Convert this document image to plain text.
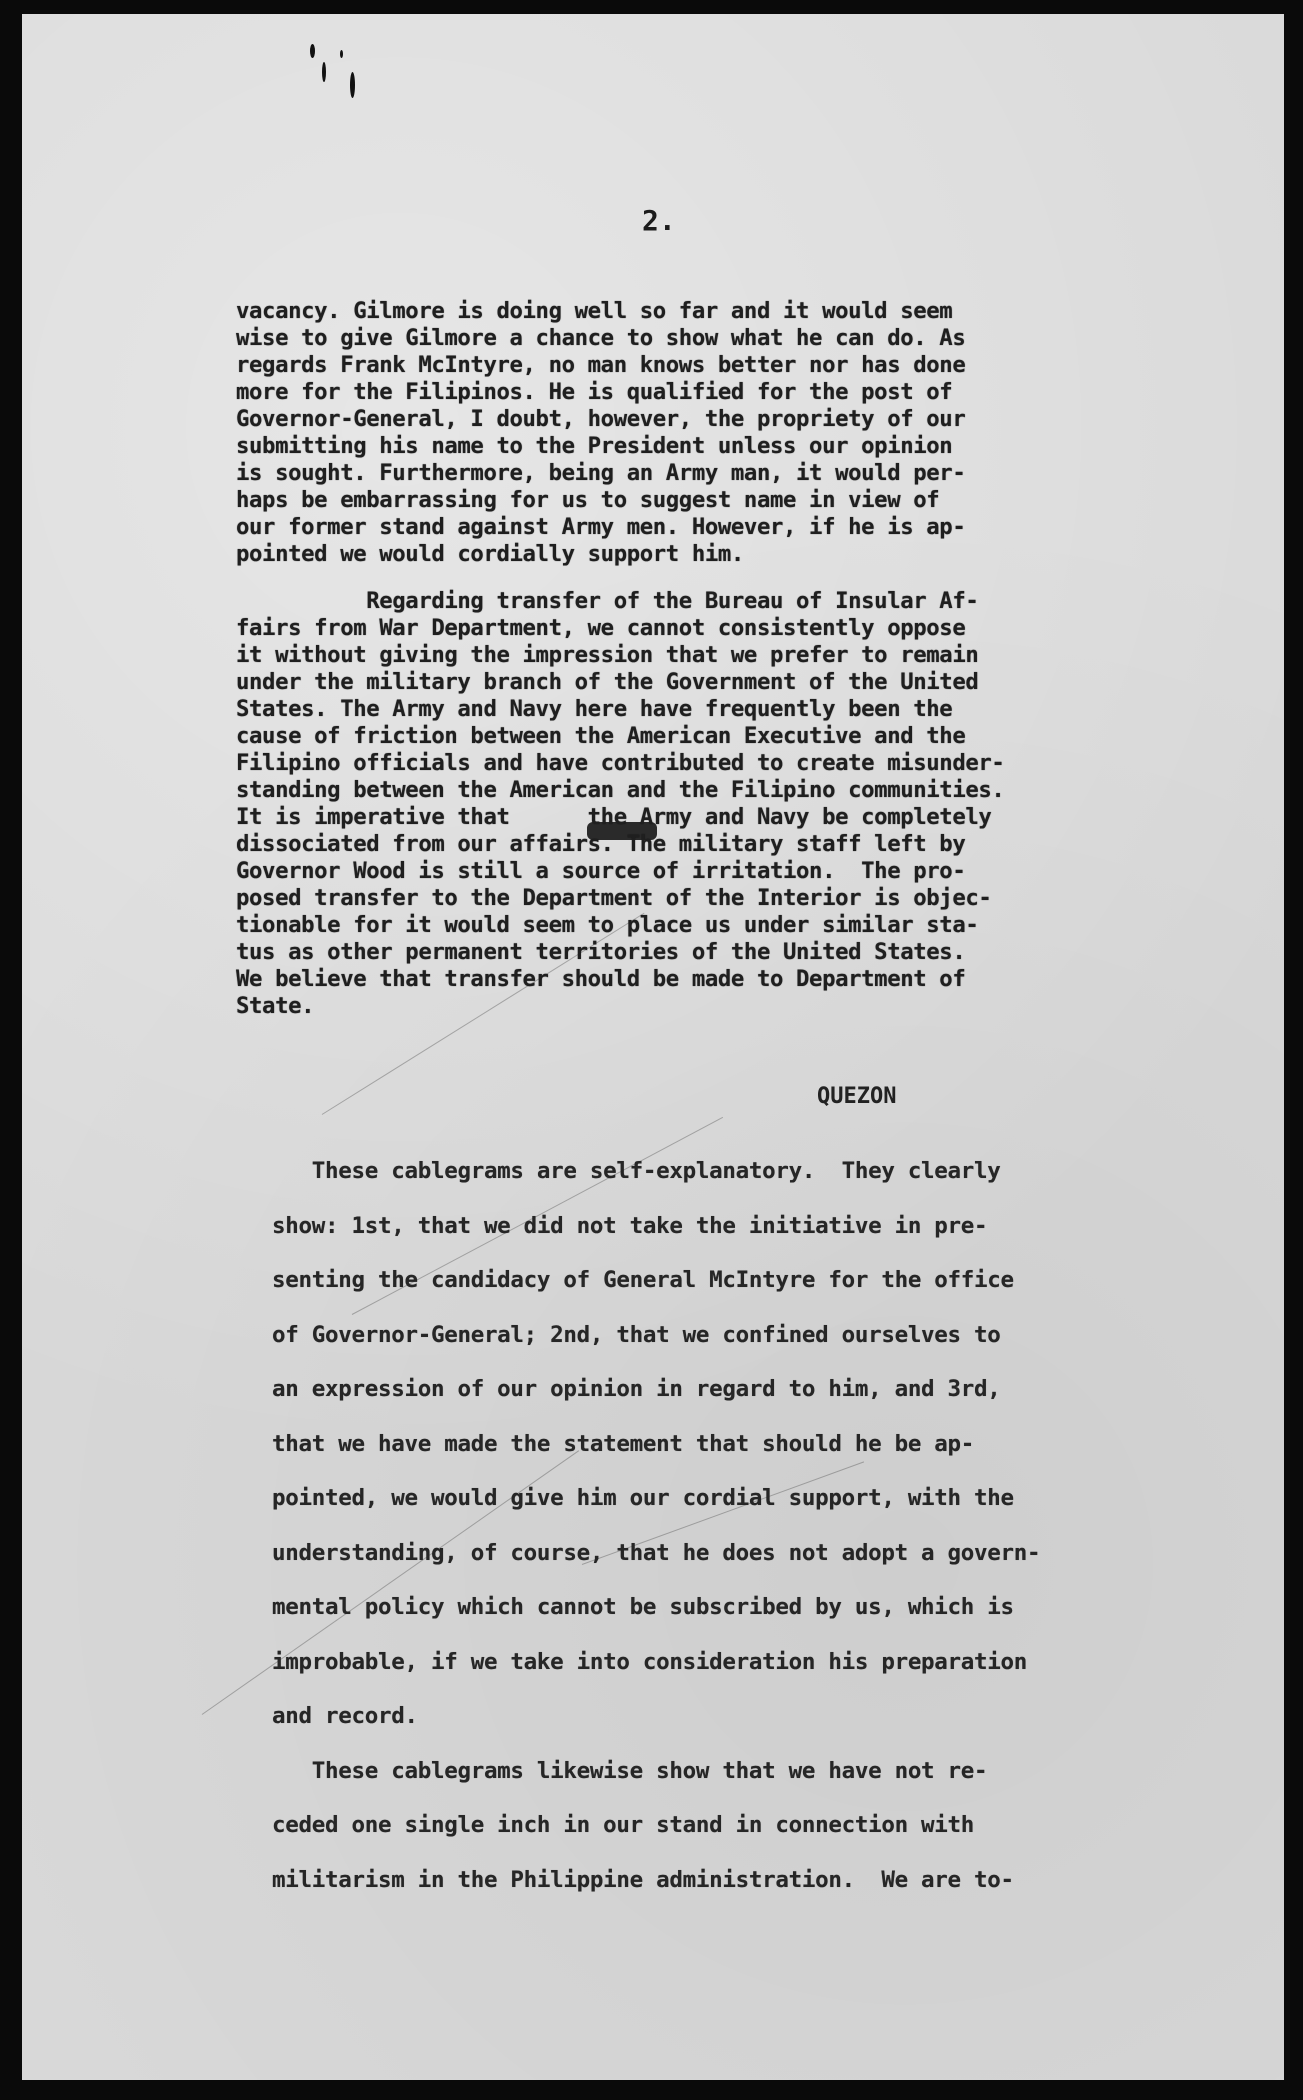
2.

vacancy. Gilmore is doing well so far and it would seem

wise to give Gilmore a chance to show what he can do. As

regards Frank McIntyre, no man knows better nor has done

more for the Filipinos. He is qualified for the post of

Governor-General, I doubt, however, the propriety of our

submitting his name to the President unless our opinion

is sought. Furthermore, being an Army man, it would per-

haps be embarrassing for us to suggest name in view of

our former stand against Army men. However, if he is ap-

pointed we would cordially support him.

Regarding transfer of the Bureau of Insular Af-

fairs from War Department, we cannot consistently oppose

it without giving the impression that we prefer to remain

under the military branch of the Government of the United

States. The Army and Navy here have frequently been the

cause of friction between the American Executive and the

Filipino officials and have contributed to create misunder-

standing between the American and the Filipino communities.

It is imperative that      the Army and Navy be completely

dissociated from our affairs. The military staff left by

Governor Wood is still a source of irritation.  The pro-

posed transfer to the Department of the Interior is objec-

tionable for it would seem to place us under similar sta-

tus as other permanent territories of the United States.

We believe that transfer should be made to Department of

State.

QUEZON

These cablegrams are self-explanatory.  They clearly

show: 1st, that we did not take the initiative in pre-

senting the candidacy of General McIntyre for the office

of Governor-General; 2nd, that we confined ourselves to

an expression of our opinion in regard to him, and 3rd,

that we have made the statement that should he be ap-

pointed, we would give him our cordial support, with the

understanding, of course, that he does not adopt a govern-

mental policy which cannot be subscribed by us, which is

improbable, if we take into consideration his preparation

and record.

These cablegrams likewise show that we have not re-

ceded one single inch in our stand in connection with

militarism in the Philippine administration.  We are to-
